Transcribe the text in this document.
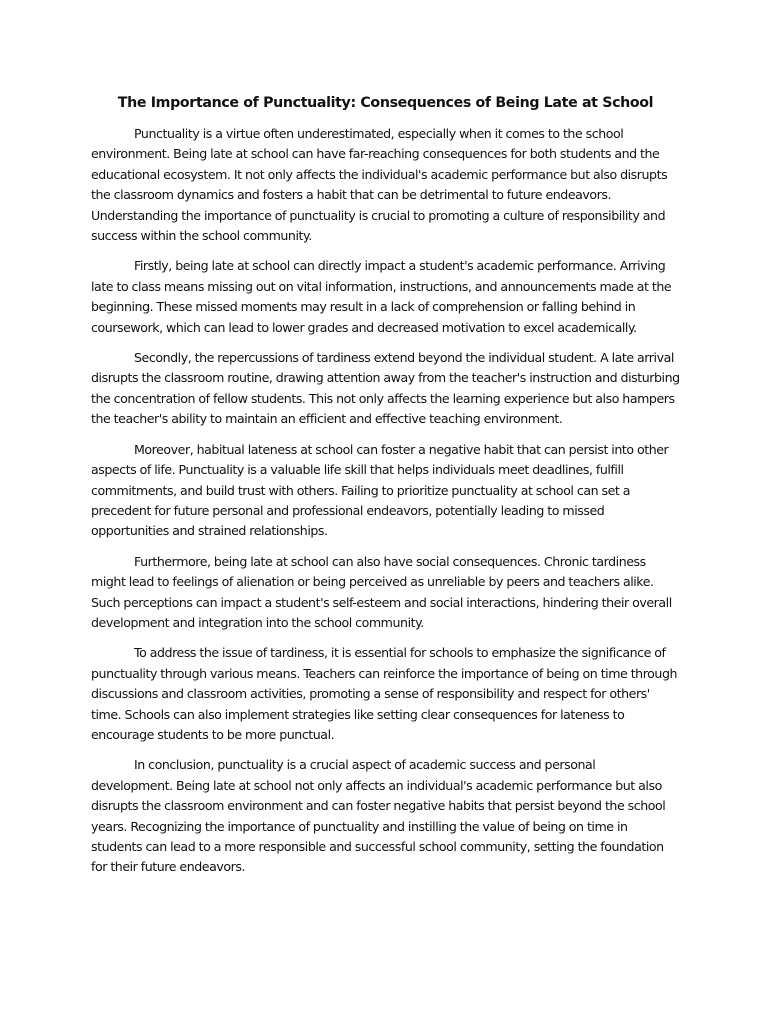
The Importance of Punctuality: Consequences of Being Late at School

Punctuality is a virtue often underestimated, especially when it comes to the school environment. Being late at school can have far-reaching consequences for both students and the educational ecosystem. It not only affects the individual's academic performance but also disrupts the classroom dynamics and fosters a habit that can be detrimental to future endeavors. Understanding the importance of punctuality is crucial to promoting a culture of responsibility and success within the school community.

Firstly, being late at school can directly impact a student's academic performance. Arriving late to class means missing out on vital information, instructions, and announcements made at the beginning. These missed moments may result in a lack of comprehension or falling behind in coursework, which can lead to lower grades and decreased motivation to excel academically.

Secondly, the repercussions of tardiness extend beyond the individual student. A late arrival disrupts the classroom routine, drawing attention away from the teacher's instruction and disturbing the concentration of fellow students. This not only affects the learning experience but also hampers the teacher's ability to maintain an efficient and effective teaching environment.

Moreover, habitual lateness at school can foster a negative habit that can persist into other aspects of life. Punctuality is a valuable life skill that helps individuals meet deadlines, fulfill commitments, and build trust with others. Failing to prioritize punctuality at school can set a precedent for future personal and professional endeavors, potentially leading to missed opportunities and strained relationships.

Furthermore, being late at school can also have social consequences. Chronic tardiness might lead to feelings of alienation or being perceived as unreliable by peers and teachers alike. Such perceptions can impact a student's self-esteem and social interactions, hindering their overall development and integration into the school community.

To address the issue of tardiness, it is essential for schools to emphasize the significance of punctuality through various means. Teachers can reinforce the importance of being on time through discussions and classroom activities, promoting a sense of responsibility and respect for others' time. Schools can also implement strategies like setting clear consequences for lateness to encourage students to be more punctual.

In conclusion, punctuality is a crucial aspect of academic success and personal development. Being late at school not only affects an individual's academic performance but also disrupts the classroom environment and can foster negative habits that persist beyond the school years. Recognizing the importance of punctuality and instilling the value of being on time in students can lead to a more responsible and successful school community, setting the foundation for their future endeavors.
